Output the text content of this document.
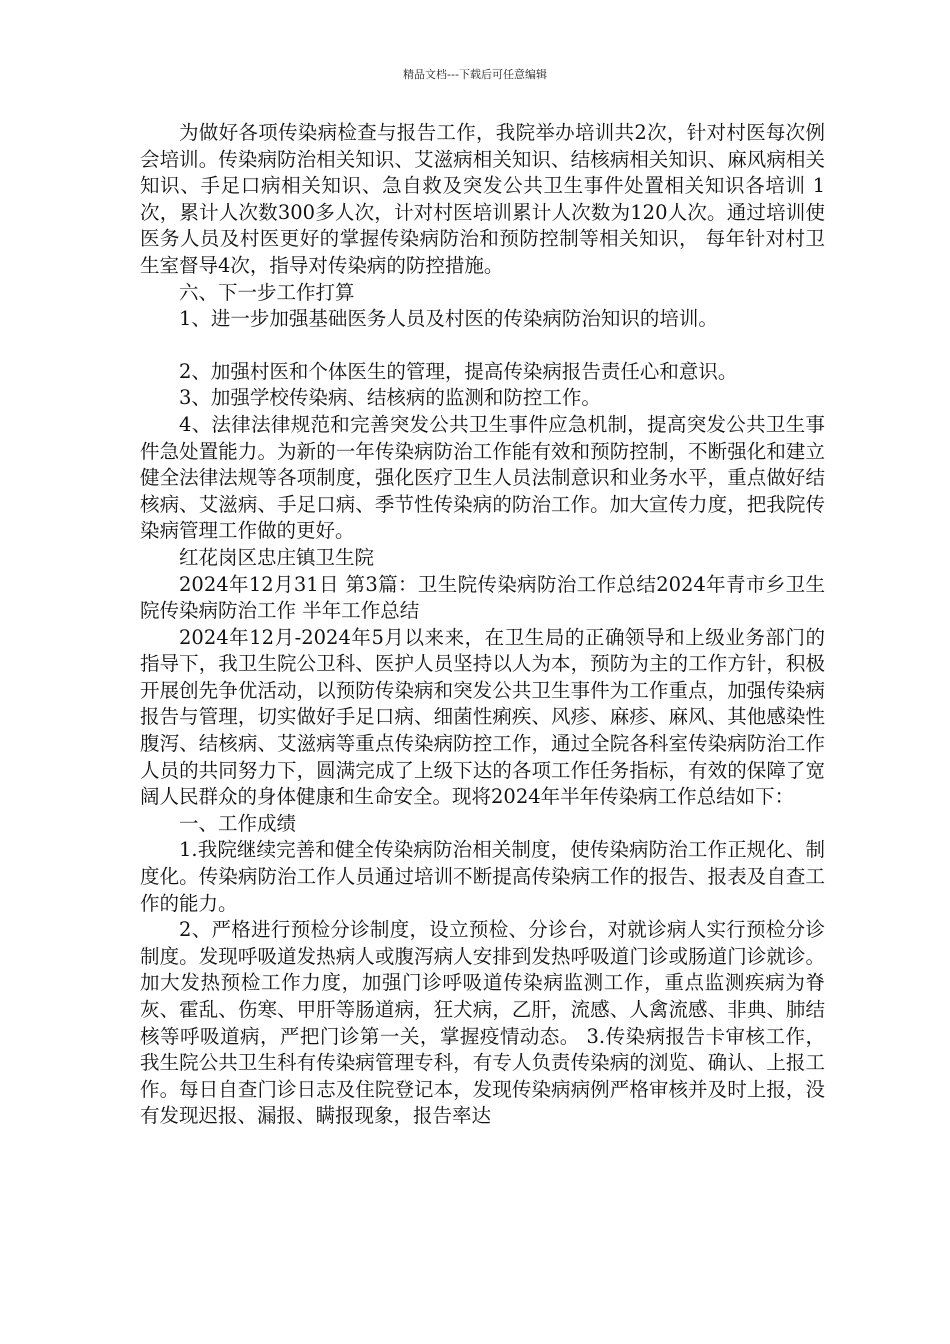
精品文档---下载后可任意编辑

为做好各项传染病检查与报告工作，我院举办培训共2次，针对村医每次例会培训。传染病防治相关知识、艾滋病相关知识、结核病相关知识、麻风病相关知识、手足口病相关知识、急自救及突发公共卫生事件处置相关知识各培训 1次，累计人次数300多人次，计对村医培训累计人次数为120人次。通过培训使医务人员及村医更好的掌握传染病防治和预防控制等相关知识， 每年针对村卫生室督导4次，指导对传染病的防控措施。

六、下一步工作打算

1、进一步加强基础医务人员及村医的传染病防治知识的培训。

2、加强村医和个体医生的管理，提高传染病报告责任心和意识。

3、加强学校传染病、结核病的监测和防控工作。

4、法律法律规范和完善突发公共卫生事件应急机制，提高突发公共卫生事件急处置能力。为新的一年传染病防治工作能有效和预防控制，不断强化和建立健全法律法规等各项制度，强化医疗卫生人员法制意识和业务水平，重点做好结核病、艾滋病、手足口病、季节性传染病的防治工作。加大宣传力度，把我院传染病管理工作做的更好。

红花岗区忠庄镇卫生院

2024年12月31日 第3篇：卫生院传染病防治工作总结2024年青市乡卫生院传染病防治工作 半年工作总结

2024年12月-2024年5月以来来，在卫生局的正确领导和上级业务部门的指导下，我卫生院公卫科、医护人员坚持以人为本，预防为主的工作方针，积极开展创先争优活动，以预防传染病和突发公共卫生事件为工作重点，加强传染病报告与管理，切实做好手足口病、细菌性痢疾、风疹、麻疹、麻风、其他感染性腹泻、结核病、艾滋病等重点传染病防控工作，通过全院各科室传染病防治工作人员的共同努力下，圆满完成了上级下达的各项工作任务指标，有效的保障了宽阔人民群众的身体健康和生命安全。现将2024年半年传染病工作总结如下：

一、工作成绩

1.我院继续完善和健全传染病防治相关制度，使传染病防治工作正规化、制度化。传染病防治工作人员通过培训不断提高传染病工作的报告、报表及自查工作的能力。

2、严格进行预检分诊制度，设立预检、分诊台，对就诊病人实行预检分诊制度。发现呼吸道发热病人或腹泻病人安排到发热呼吸道门诊或肠道门诊就诊。加大发热预检工作力度，加强门诊呼吸道传染病监测工作，重点监测疾病为脊灰、霍乱、伤寒、甲肝等肠道病，狂犬病，乙肝，流感、人禽流感、非典、肺结核等呼吸道病，严把门诊第一关，掌握疫情动态。 3.传染病报告卡审核工作，我生院公共卫生科有传染病管理专科，有专人负责传染病的浏览、确认、上报工作。每日自查门诊日志及住院登记本，发现传染病病例严格审核并及时上报，没有发现迟报、漏报、瞒报现象，报告率达
